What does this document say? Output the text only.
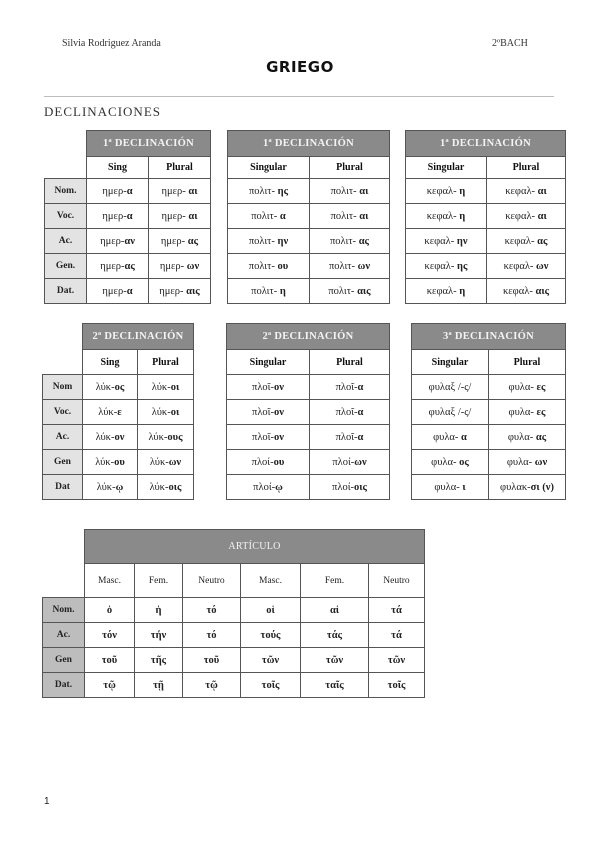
Silvia Rodriguez Aranda	2ºBACH
GRIEGO
DECLINACIONES
	1ª DECLINACIÓN	
	Sing	Plural
Nom.	ημερ-α	ημερ- αι
Voc.	ημερ-α	ημερ- αι
Ac.	ημερ-αν	ημερ- ας
Gen.	ημερ-ας	ημερ- ων
Dat.	ημερ-α	ημερ- αις
1ª DECLINACIÓN	
Singular	Plural
πολιτ- ης	πολιτ- αι
πολιτ- α	πολιτ- αι
πολιτ- ην	πολιτ- ας
πολιτ- ου	πολιτ- ων
πολιτ- η	πολιτ- αις
1ª DECLINACIÓN	
Singular	Plural
κεφαλ- η	κεφαλ- αι
κεφαλ- η	κεφαλ- αι
κεφαλ- ην	κεφαλ- ας
κεφαλ- ης	κεφαλ- ων
κεφαλ- η	κεφαλ- αις
	2ª DECLINACIÓN	
	Sing	Plural
Nom	λύκ-ος	λύκ-οι
Voc.	λύκ-ε	λύκ-οι
Ac.	λύκ-ον	λύκ-ους
Gen	λύκ-ου	λύκ-ων
Dat	λύκ-ῳ	λύκ-οις
2ª DECLINACIÓN	
Singular	Plural
πλοῖ-ον	πλοῖ-α
πλοῖ-ον	πλοῖ-α
πλοῖ-ον	πλοῖ-α
πλοί-ου	πλοί-ων
πλοί-ῳ	πλοί-οις
3ª DECLINACIÓN	
Singular	Plural
φυλαξ /-ς/	φυλα- ες
φυλαξ /-ς/	φυλα- ες
φυλα- α	φυλα- ας
φυλα- ος	φυλα- ων
φυλα- ι	φυλακ-σι (ν)
	ARTÍCULO					
	Masc.	Fem.	Neutro	Masc.	Fem.	Neutro
Nom.	ὁ	ἡ	τό	οἱ	αἱ	τά
Ac.	τόν	τήν	τό	τούς	τάς	τά
Gen	τοῦ	τῆς	τοῦ	τῶν	τῶν	τῶν
Dat.	τῷ	τῇ	τῷ	τοῖς	ταῖς	τοῖς
1
